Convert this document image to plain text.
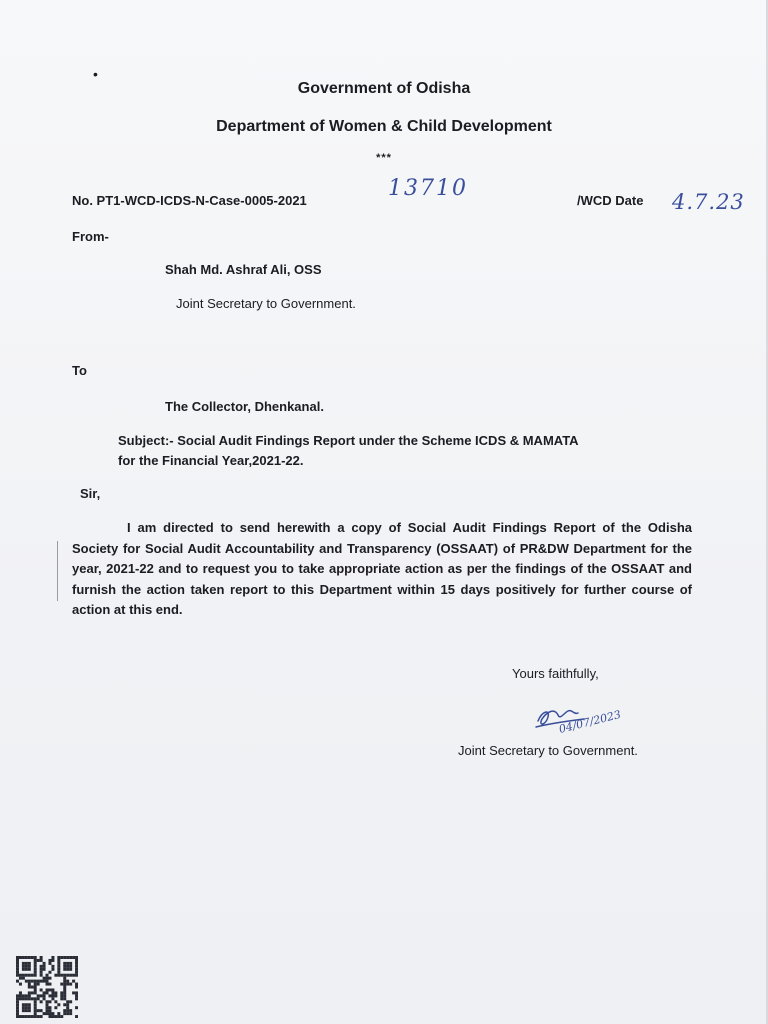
•
Government of Odisha
Department of Women & Child Development
***
No. PT1-WCD-ICDS-N-Case-0005-2021	13710	/WCD Date 4.7.23
From-
Shah Md. Ashraf Ali, OSS
Joint Secretary to Government.
To
The Collector, Dhenkanal.
Subject:- Social Audit Findings Report under the Scheme ICDS & MAMATA
for the Financial Year,2021-22.
Sir,
I am directed to send herewith a copy of Social Audit Findings Report of the Odisha Society for Social Audit Accountability and Transparency (OSSAAT) of PR&DW Department for the year, 2021-22 and to request you to take appropriate action as per the findings of the OSSAAT and furnish the action taken report to this Department within 15 days positively for further course of action at this end.
Yours faithfully,
04/07/2023
Joint Secretary to Government.
